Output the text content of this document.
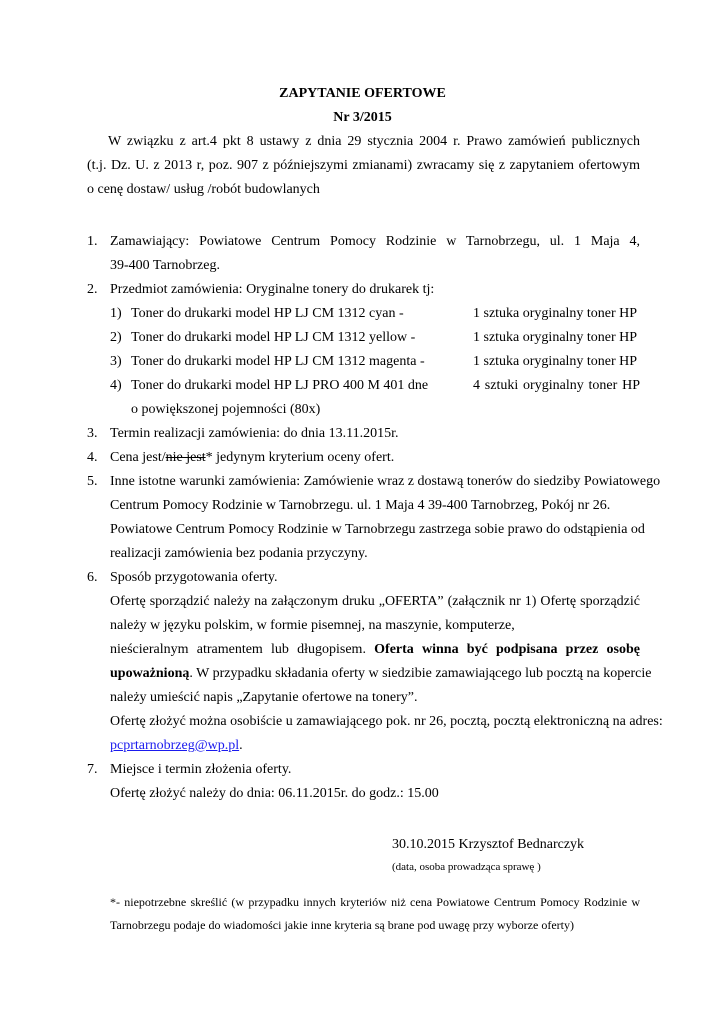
ZAPYTANIE OFERTOWE
Nr 3/2015
W związku z art.4 pkt 8 ustawy z dnia 29 stycznia 2004 r. Prawo zamówień publicznych
(t.j. Dz. U. z 2013 r, poz. 907 z późniejszymi zmianami) zwracamy się z zapytaniem ofertowym
o cenę dostaw/ usług /robót budowlanych
1. Zamawiający: Powiatowe Centrum Pomocy Rodzinie w Tarnobrzegu, ul. 1 Maja 4,
39-400 Tarnobrzeg.
2. Przedmiot zamówienia: Oryginalne tonery do drukarek tj:
1) Toner do drukarki model HP LJ CM 1312 cyan -	1 sztuka oryginalny toner HP
2) Toner do drukarki model HP LJ CM 1312 yellow -	1 sztuka oryginalny toner HP
3) Toner do drukarki model HP LJ CM 1312 magenta -	1 sztuka oryginalny toner HP
4) Toner do drukarki model HP LJ PRO 400 M 401 dne	4 sztuki oryginalny toner HP
o powiększonej pojemności (80x)
3. Termin realizacji zamówienia: do dnia 13.11.2015r.
4. Cena jest/nie jest* jedynym kryterium oceny ofert.
5. Inne istotne warunki zamówienia: Zamówienie wraz z dostawą tonerów do siedziby Powiatowego
Centrum Pomocy Rodzinie w Tarnobrzegu. ul. 1 Maja 4 39-400 Tarnobrzeg, Pokój nr 26.
Powiatowe Centrum Pomocy Rodzinie w Tarnobrzegu zastrzega sobie prawo do odstąpienia od
realizacji zamówienia bez podania przyczyny.
6. Sposób przygotowania oferty.
Ofertę sporządzić należy na załączonym druku „OFERTA” (załącznik nr 1) Ofertę sporządzić
należy w języku polskim, w formie pisemnej, na maszynie, komputerze,
nieścieralnym atramentem lub długopisem. Oferta winna być podpisana przez osobę
upoważnioną. W przypadku składania oferty w siedzibie zamawiającego lub pocztą na kopercie
należy umieścić napis „Zapytanie ofertowe na tonery”.
Ofertę złożyć można osobiście u zamawiającego pok. nr 26, pocztą, pocztą elektroniczną na adres:
pcprtarnobrzeg@wp.pl.
7. Miejsce i termin złożenia oferty.
Ofertę złożyć należy do dnia: 06.11.2015r. do godz.: 15.00
30.10.2015 Krzysztof Bednarczyk
(data, osoba prowadząca sprawę )
*- niepotrzebne skreślić (w przypadku innych kryteriów niż cena Powiatowe Centrum Pomocy Rodzinie w
Tarnobrzegu podaje do wiadomości jakie inne kryteria są brane pod uwagę przy wyborze oferty)
